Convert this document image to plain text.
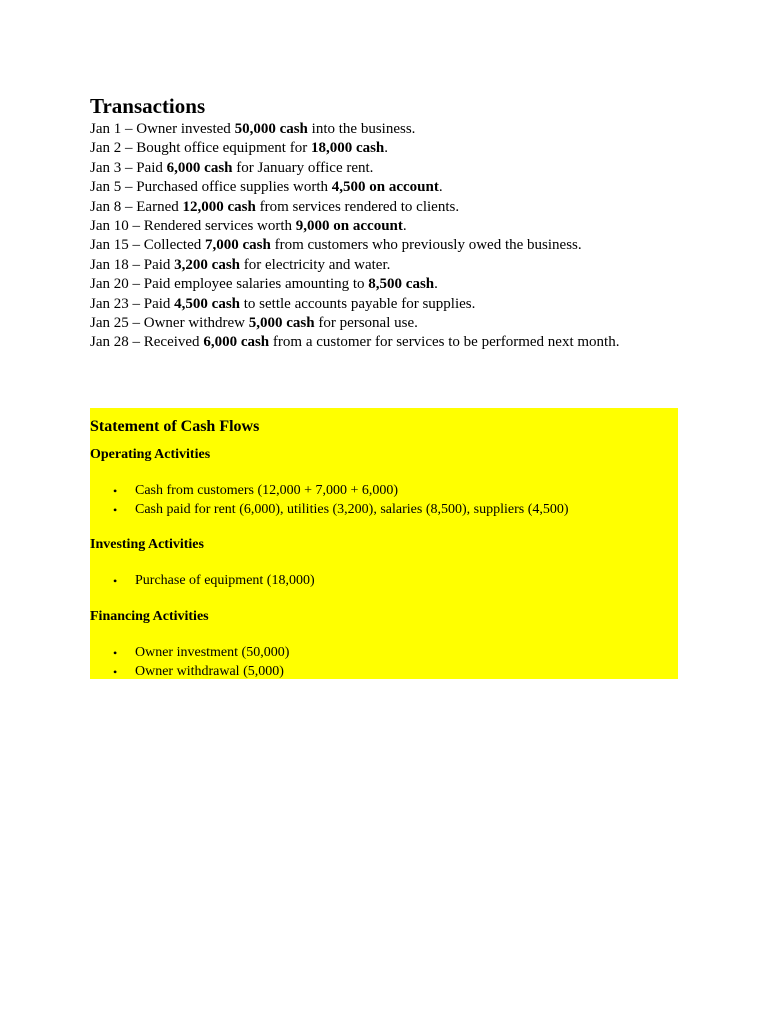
Transactions
Jan 1 – Owner invested 50,000 cash into the business.
Jan 2 – Bought office equipment for 18,000 cash.
Jan 3 – Paid 6,000 cash for January office rent.
Jan 5 – Purchased office supplies worth 4,500 on account.
Jan 8 – Earned 12,000 cash from services rendered to clients.
Jan 10 – Rendered services worth 9,000 on account.
Jan 15 – Collected 7,000 cash from customers who previously owed the business.
Jan 18 – Paid 3,200 cash for electricity and water.
Jan 20 – Paid employee salaries amounting to 8,500 cash.
Jan 23 – Paid 4,500 cash to settle accounts payable for supplies.
Jan 25 – Owner withdrew 5,000 cash for personal use.
Jan 28 – Received 6,000 cash from a customer for services to be performed next month.
Statement of Cash Flows
Operating Activities
• Cash from customers (12,000 + 7,000 + 6,000)
• Cash paid for rent (6,000), utilities (3,200), salaries (8,500), suppliers (4,500)
Investing Activities
• Purchase of equipment (18,000)
Financing Activities
• Owner investment (50,000)
• Owner withdrawal (5,000)
